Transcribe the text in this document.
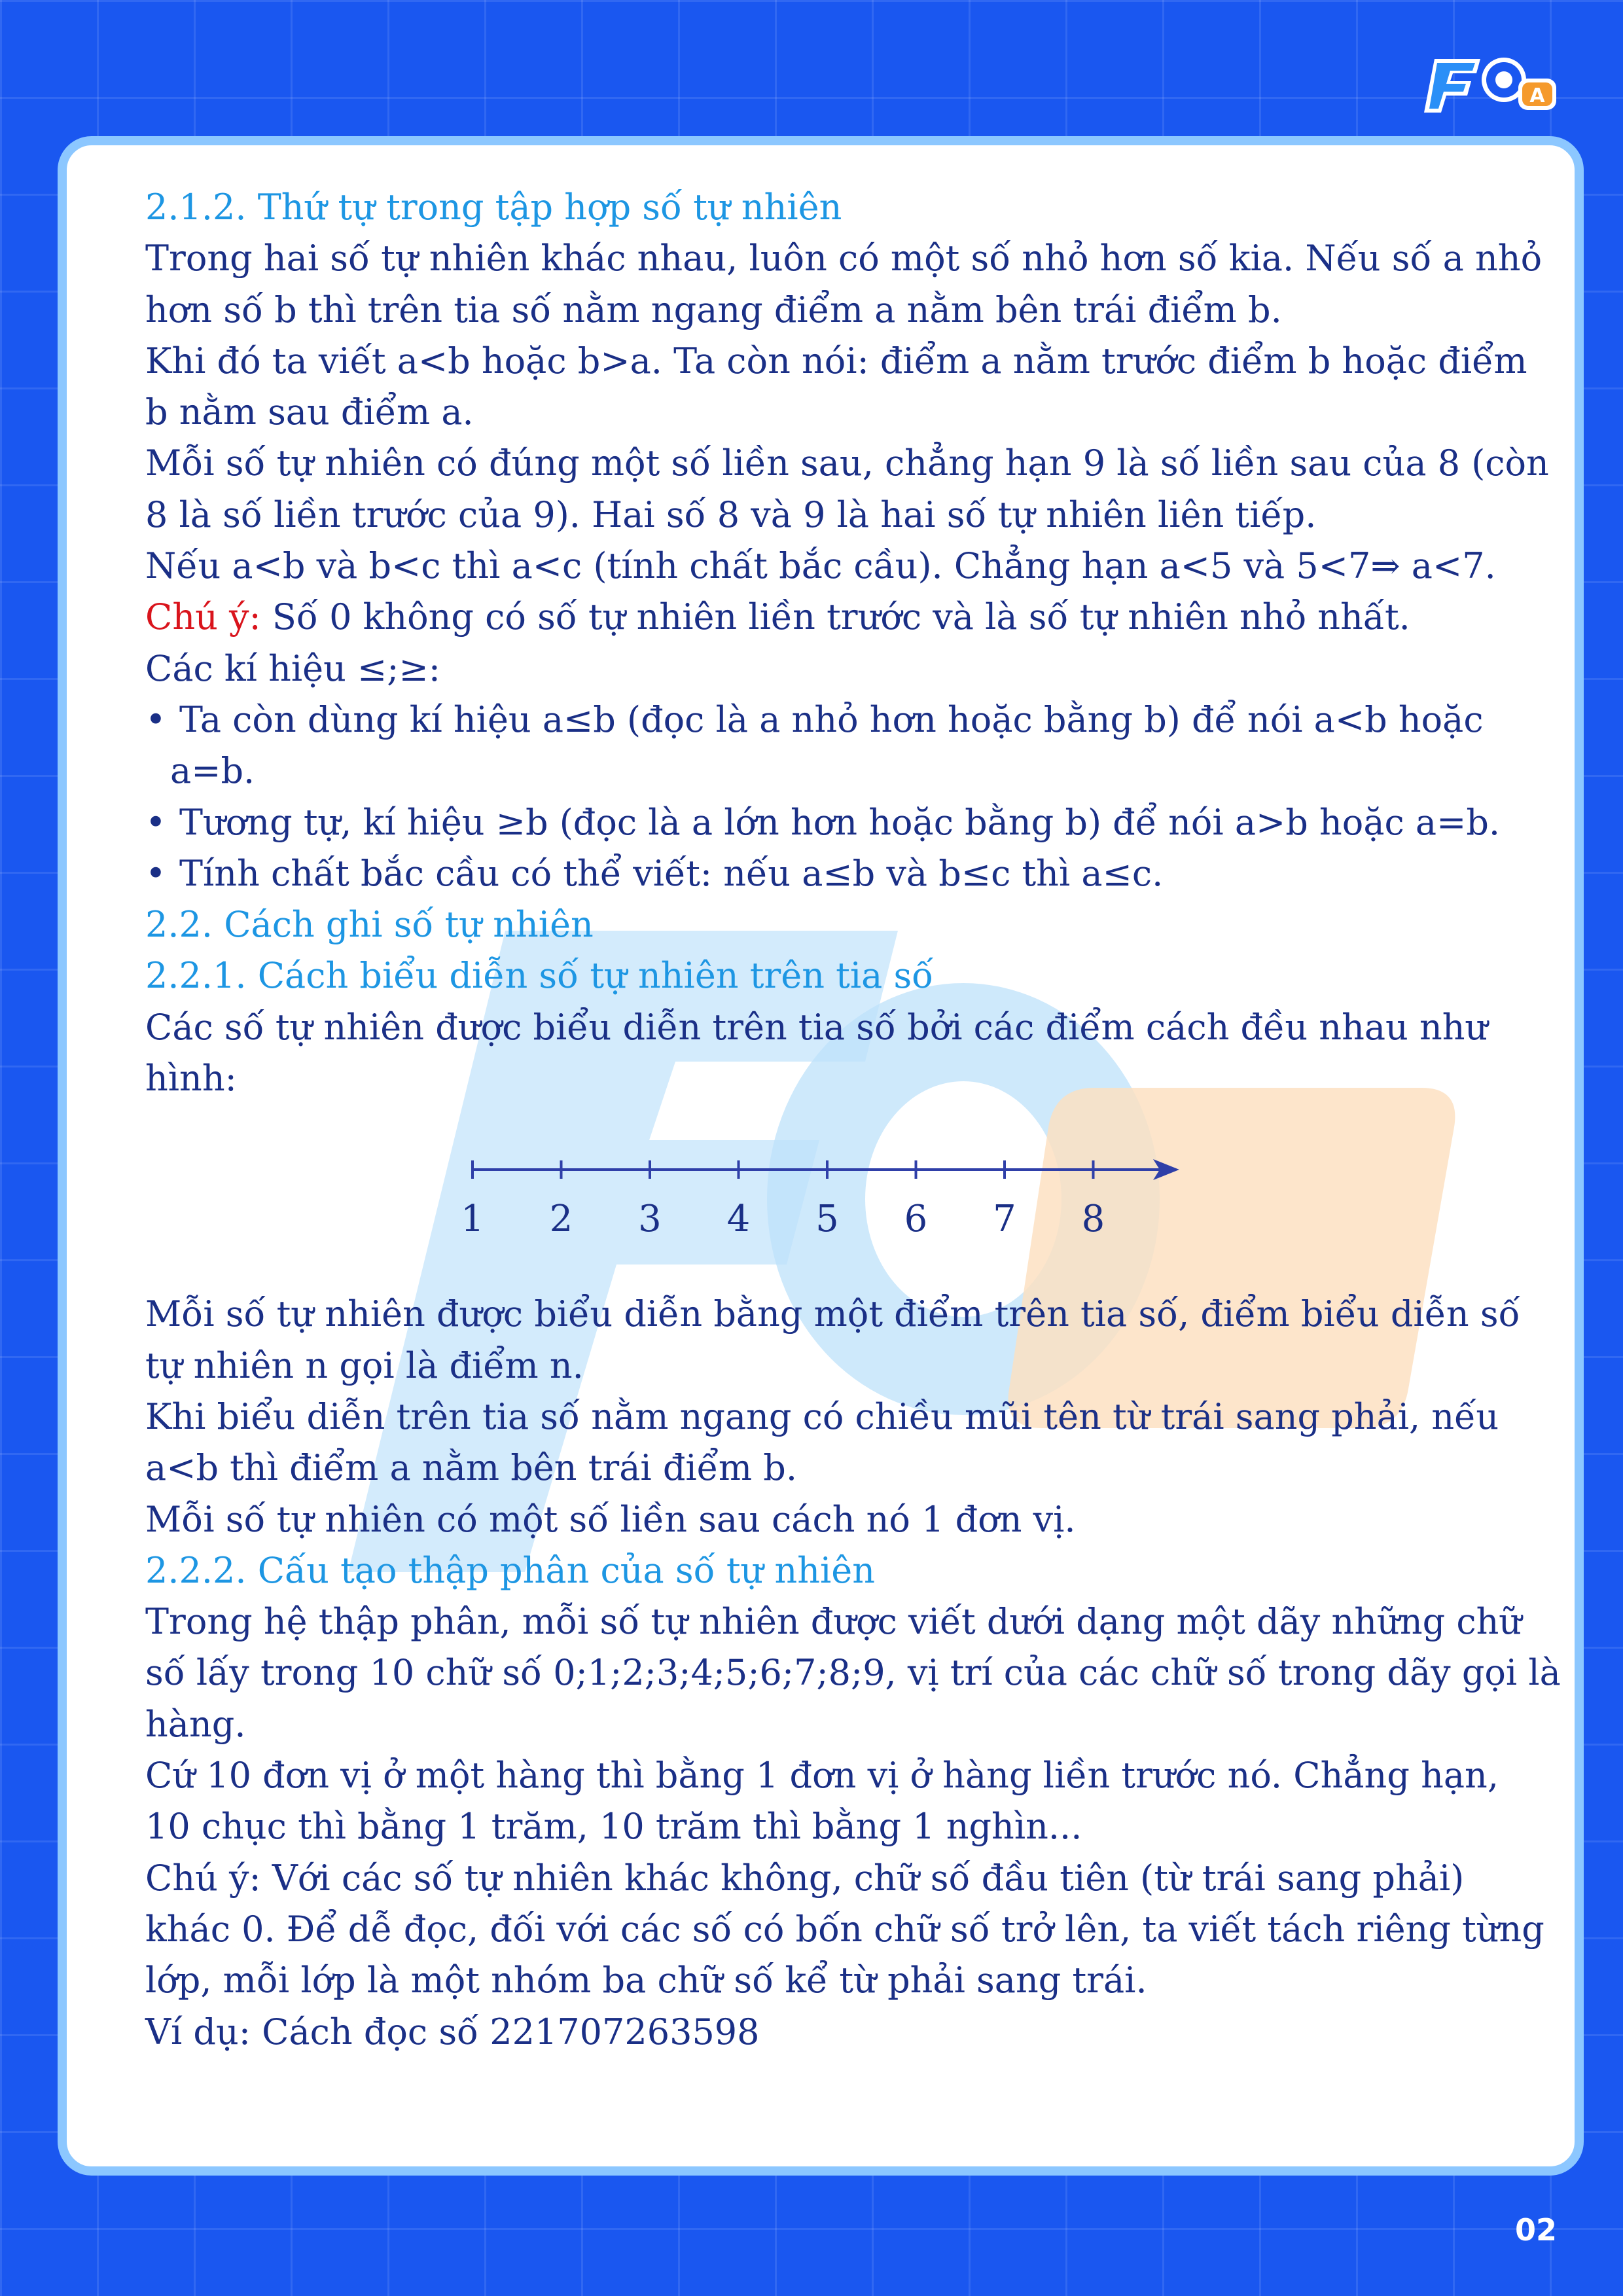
A
2.1.2. Thứ tự trong tập hợp số tự nhiên
Trong hai số tự nhiên khác nhau, luôn có một số nhỏ hơn số kia. Nếu số a nhỏ
hơn số b thì trên tia số nằm ngang điểm a nằm bên trái điểm b.
Khi đó ta viết a<b hoặc b>a. Ta còn nói: điểm a nằm trước điểm b hoặc điểm
b nằm sau điểm a.
Mỗi số tự nhiên có đúng một số liền sau, chẳng hạn 9 là số liền sau của 8 (còn
8 là số liền trước của 9). Hai số 8 và 9 là hai số tự nhiên liên tiếp.
Nếu a<b và b<c thì a<c (tính chất bắc cầu). Chẳng hạn a<5 và 5<7⇒ a<7.
Chú ý: Số 0 không có số tự nhiên liền trước và là số tự nhiên nhỏ nhất.
Các kí hiệu ≤;≥:
• Ta còn dùng kí hiệu a≤b (đọc là a nhỏ hơn hoặc bằng b) để nói a<b hoặc
a=b.
• Tương tự, kí hiệu ≥b (đọc là a lớn hơn hoặc bằng b) để nói a>b hoặc a=b.
• Tính chất bắc cầu có thể viết: nếu a≤b và b≤c thì a≤c.
2.2. Cách ghi số tự nhiên
2.2.1. Cách biểu diễn số tự nhiên trên tia số
Các số tự nhiên được biểu diễn trên tia số bởi các điểm cách đều nhau như
hình:
1 2 3 4 5 6 7 8
Mỗi số tự nhiên được biểu diễn bằng một điểm trên tia số, điểm biểu diễn số
tự nhiên n gọi là điểm n.
Khi biểu diễn trên tia số nằm ngang có chiều mũi tên từ trái sang phải, nếu
a<b thì điểm a nằm bên trái điểm b.
Mỗi số tự nhiên có một số liền sau cách nó 1 đơn vị.
2.2.2. Cấu tạo thập phân của số tự nhiên
Trong hệ thập phân, mỗi số tự nhiên được viết dưới dạng một dãy những chữ
số lấy trong 10 chữ số 0;1;2;3;4;5;6;7;8;9, vị trí của các chữ số trong dãy gọi là
hàng.
Cứ 10 đơn vị ở một hàng thì bằng 1 đơn vị ở hàng liền trước nó. Chẳng hạn,
10 chục thì bằng 1 trăm, 10 trăm thì bằng 1 nghìn...
Chú ý: Với các số tự nhiên khác không, chữ số đầu tiên (từ trái sang phải)
khác 0. Để dễ đọc, đối với các số có bốn chữ số trở lên, ta viết tách riêng từng
lớp, mỗi lớp là một nhóm ba chữ số kể từ phải sang trái.
Ví dụ: Cách đọc số 221707263598
02
